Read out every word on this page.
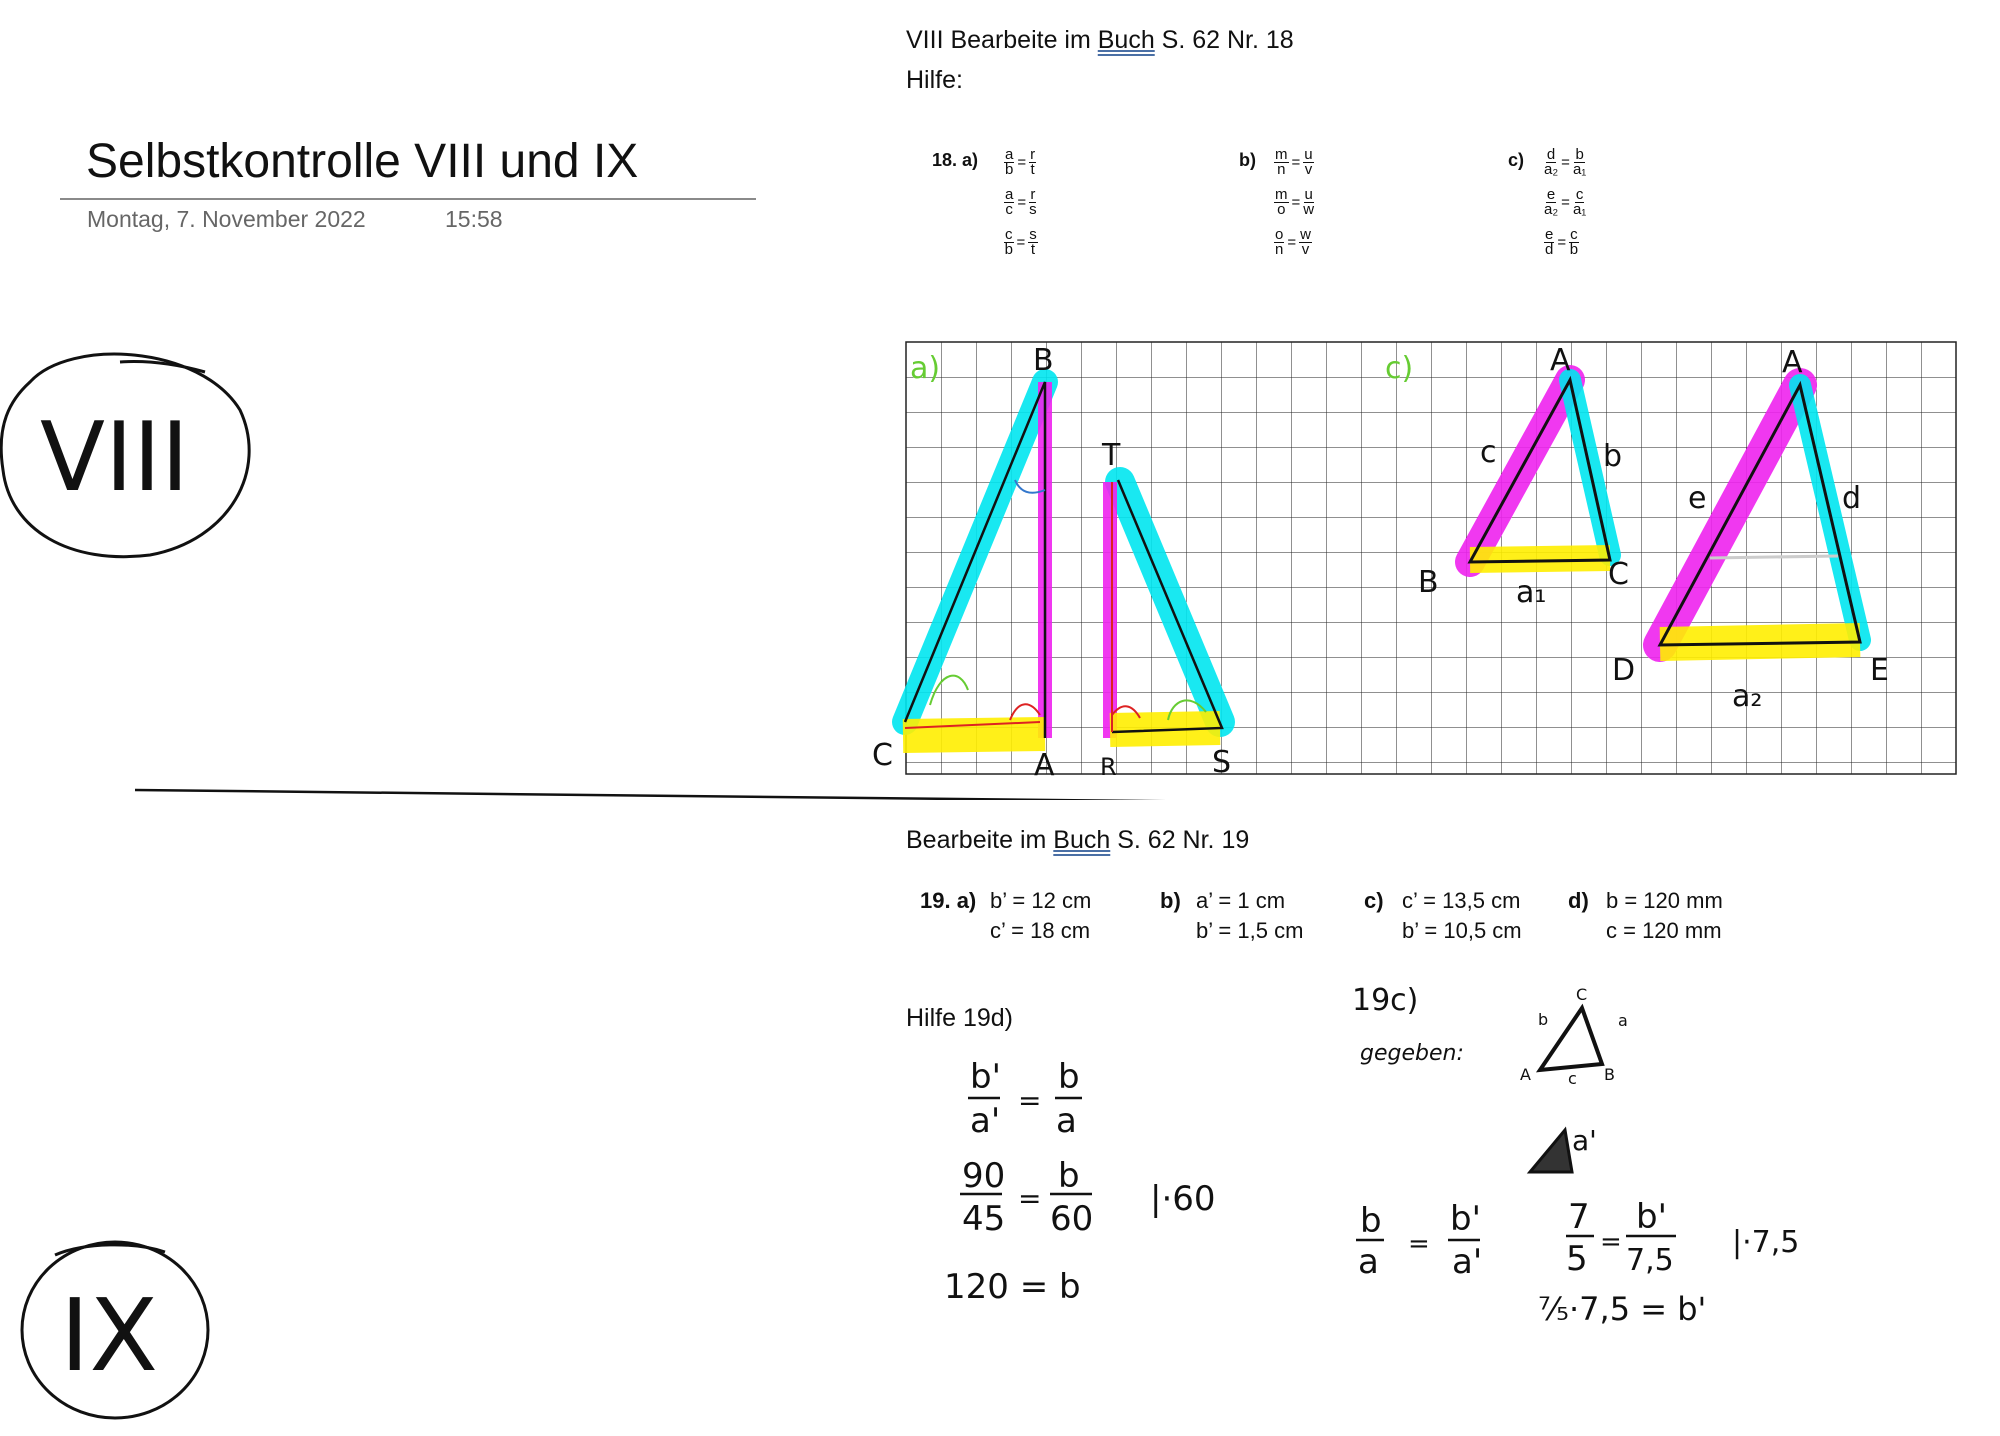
Selbstkontrolle VIII und IX
Montag, 7. November 2022	15:58
VIII
IX
VIII Bearbeite im Buch S. 62 Nr. 18
Hilfe:
18. $a) \frac{a}{b} = \frac{r}{t}$
$\frac{a}{c} = \frac{r}{s}$
$\frac{c}{b} = \frac{s}{t}$
$b) \frac{m}{n} = \frac{u}{v}$
$\frac{m}{o} = \frac{u}{w}$
$\frac{o}{n} = \frac{w}{v}$
$c) \frac{d}{\text{a₂}} = \frac{b}{\text{a₁}}$
$\frac{e}{\text{a₂}} = \frac{c}{\text{a₁}}$
$\frac{e}{d} = \frac{c}{b}$
a)	c)
B
C	A
T
R	S
A
B	C
c	b
a₁
A
D	E
e	d
a₂
Bearbeite im Buch S. 62 Nr. 19
19. a) b’ = 12 cm
c’ = 18 cm
b) a’ = 1 cm
b’ = 1,5 cm
c) c’ = 13,5 cm
b’ = 10,5 cm
d) b = 120 mm
c = 120 mm
Hilfe 19d)
b'
a'
=
b
a
90
45
=
b
60 |·60
120 = b
19c)
gegeben:
C
b	a
A c B
a'
b
a =
b'
a'
7
5 =
b'
7,5
|·7,5
⁷⁄₅·7,5 = b'
